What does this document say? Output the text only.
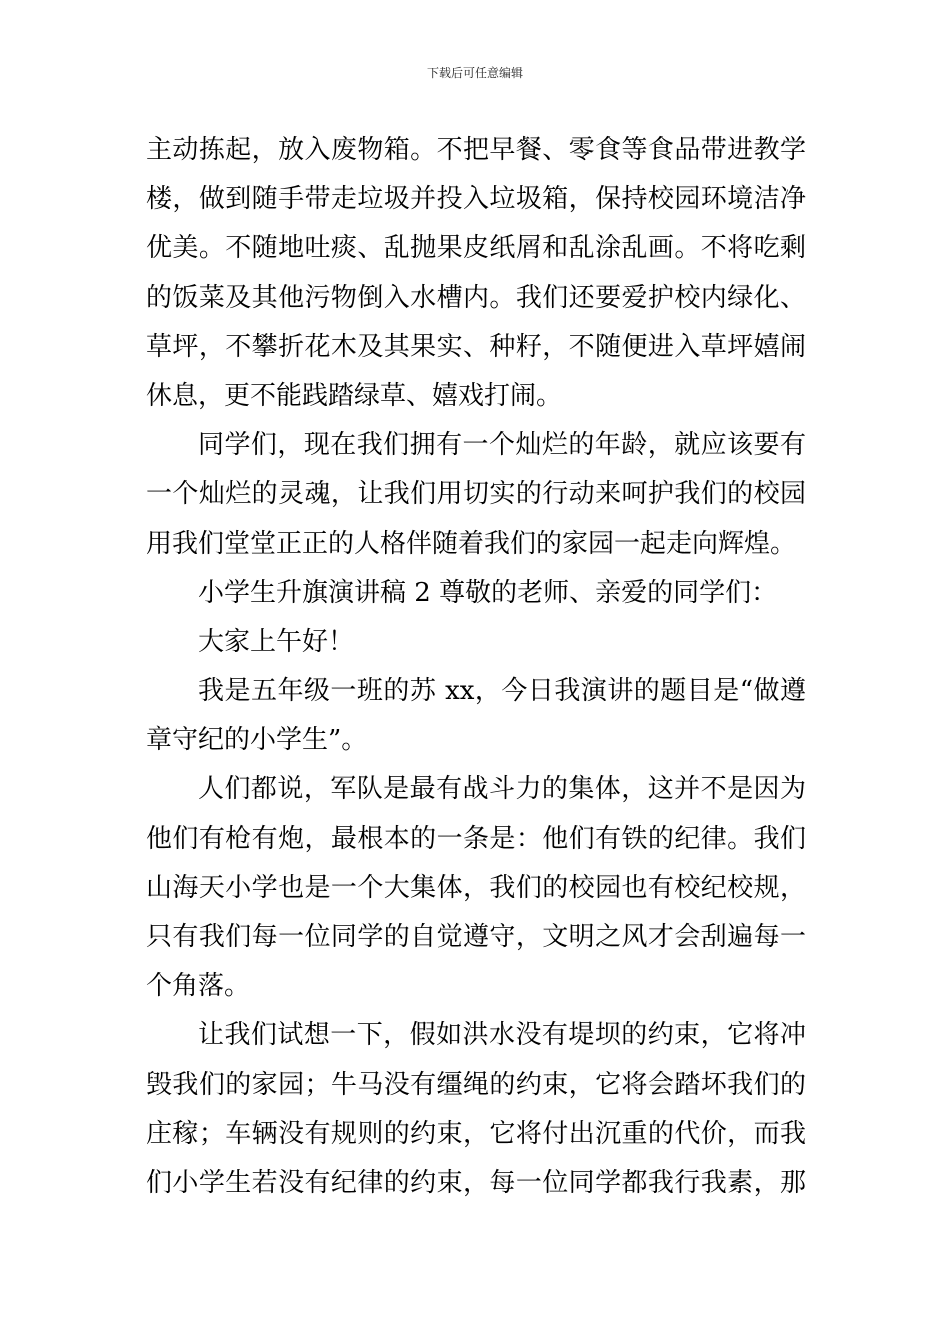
下载后可任意编辑
主动拣起，放入废物箱。不把早餐、零食等食品带进教学
楼，做到随手带走垃圾并投入垃圾箱，保持校园环境洁净
优美。不随地吐痰、乱抛果皮纸屑和乱涂乱画。不将吃剩
的饭菜及其他污物倒入水槽内。我们还要爱护校内绿化、
草坪，不攀折花木及其果实、种籽，不随便进入草坪嬉闹
休息，更不能践踏绿草、嬉戏打闹。
同学们，现在我们拥有一个灿烂的年龄，就应该要有
一个灿烂的灵魂，让我们用切实的行动来呵护我们的校园
用我们堂堂正正的人格伴随着我们的家园一起走向辉煌。
小学生升旗演讲稿 2 尊敬的老师、亲爱的同学们：
大家上午好！
我是五年级一班的苏 xx，今日我演讲的题目是“做遵
章守纪的小学生”。
人们都说，军队是最有战斗力的集体，这并不是因为
他们有枪有炮，最根本的一条是：他们有铁的纪律。我们
山海天小学也是一个大集体，我们的校园也有校纪校规，
只有我们每一位同学的自觉遵守，文明之风才会刮遍每一
个角落。
让我们试想一下，假如洪水没有堤坝的约束，它将冲
毁我们的家园；牛马没有缰绳的约束，它将会踏坏我们的
庄稼；车辆没有规则的约束，它将付出沉重的代价，而我
们小学生若没有纪律的约束，每一位同学都我行我素，那
